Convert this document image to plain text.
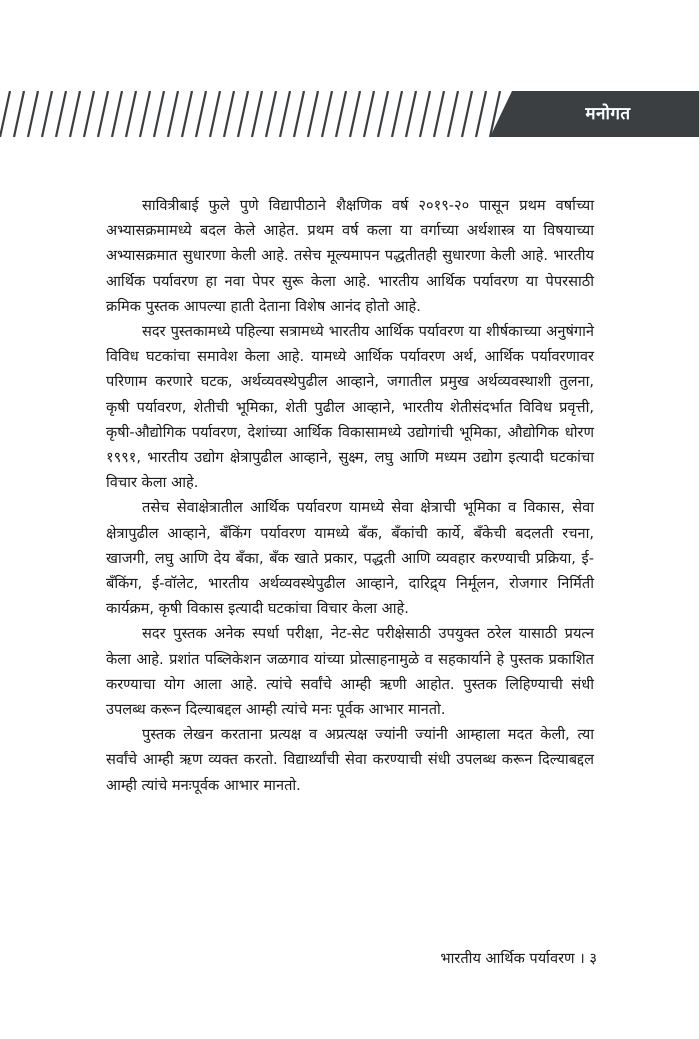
मनोगत

सावित्रीबाई फुले पुणे विद्यापीठाने शैक्षणिक वर्ष २०१९-२० पासून प्रथम वर्षाच्या अभ्यासक्रमामध्ये बदल केले आहेत. प्रथम वर्ष कला या वर्गाच्या अर्थशास्त्र या विषयाच्या अभ्यासक्रमात सुधारणा केली आहे. तसेच मूल्यमापन पद्धतीतही सुधारणा केली आहे. भारतीय आर्थिक पर्यावरण हा नवा पेपर सुरू केला आहे. भारतीय आर्थिक पर्यावरण या पेपरसाठी क्रमिक पुस्तक आपल्या हाती देताना विशेष आनंद होतो आहे.

सदर पुस्तकामध्ये पहिल्या सत्रामध्ये भारतीय आर्थिक पर्यावरण या शीर्षकाच्या अनुषंगाने विविध घटकांचा समावेश केला आहे. यामध्ये आर्थिक पर्यावरण अर्थ, आर्थिक पर्यावरणावर परिणाम करणारे घटक, अर्थव्यवस्थेपुढील आव्हाने, जगातील प्रमुख अर्थव्यवस्थाशी तुलना, कृषी पर्यावरण, शेतीची भूमिका, शेती पुढील आव्हाने, भारतीय शेतीसंदर्भात विविध प्रवृत्ती, कृषी-औद्योगिक पर्यावरण, देशांच्या आर्थिक विकासामध्ये उद्योगांची भूमिका, औद्योगिक धोरण १९९१, भारतीय उद्योग क्षेत्रापुढील आव्हाने, सुक्ष्म, लघु आणि मध्यम उद्योग इत्यादी घटकांचा विचार केला आहे.

तसेच सेवाक्षेत्रातील आर्थिक पर्यावरण यामध्ये सेवा क्षेत्राची भूमिका व विकास, सेवा क्षेत्रापुढील आव्हाने, बँकिंग पर्यावरण यामध्ये बँक, बँकांची कार्ये, बँकेची बदलती रचना, खाजगी, लघु आणि देय बँका, बँक खाते प्रकार, पद्धती आणि व्यवहार करण्याची प्रक्रिया, ई-बँकिंग, ई-वॉलेट, भारतीय अर्थव्यवस्थेपुढील आव्हाने, दारिद्र्य निर्मूलन, रोजगार निर्मिती कार्यक्रम, कृषी विकास इत्यादी घटकांचा विचार केला आहे.

सदर पुस्तक अनेक स्पर्धा परीक्षा, नेट-सेट परीक्षेसाठी उपयुक्त ठरेल यासाठी प्रयत्न केला आहे. प्रशांत पब्लिकेशन जळगाव यांच्या प्रोत्साहनामुळे व सहकार्याने हे पुस्तक प्रकाशित करण्याचा योग आला आहे. त्यांचे सर्वांचे आम्ही ऋणी आहोत. पुस्तक लिहिण्याची संधी उपलब्ध करून दिल्याबद्दल आम्ही त्यांचे मनः पूर्वक आभार मानतो.

पुस्तक लेखन करताना प्रत्यक्ष व अप्रत्यक्ष ज्यांनी ज्यांनी आम्हाला मदत केली, त्या सर्वांचे आम्ही ऋण व्यक्त करतो. विद्यार्थ्यांची सेवा करण्याची संधी उपलब्ध करून दिल्याबद्दल आम्ही त्यांचे मनःपूर्वक आभार मानतो.

भारतीय आर्थिक पर्यावरण । ३
